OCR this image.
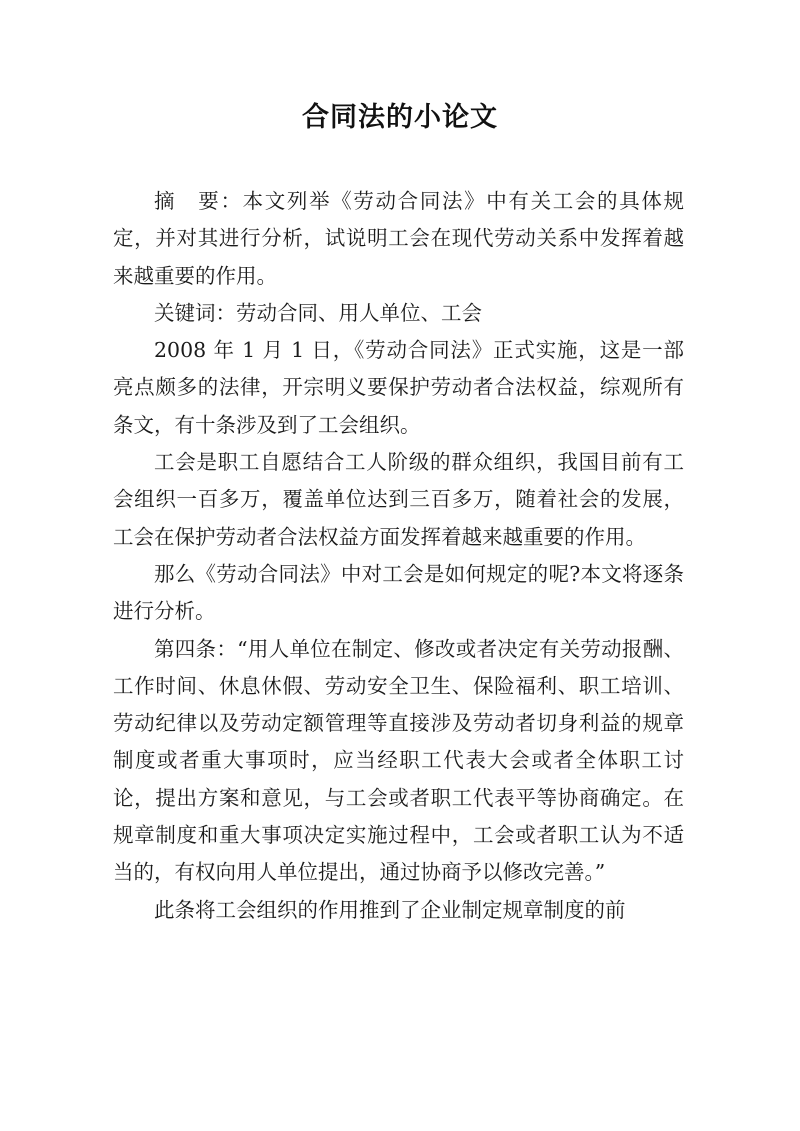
合同法的小论文

摘　要：本文列举《劳动合同法》中有关工会的具体规定，并对其进行分析，试说明工会在现代劳动关系中发挥着越来越重要的作用。

关键词：劳动合同、用人单位、工会

2008 年 1 月 1 日，《劳动合同法》正式实施，这是一部亮点颇多的法律，开宗明义要保护劳动者合法权益，综观所有条文，有十条涉及到了工会组织。

工会是职工自愿结合工人阶级的群众组织，我国目前有工会组织一百多万，覆盖单位达到三百多万，随着社会的发展，工会在保护劳动者合法权益方面发挥着越来越重要的作用。

那么《劳动合同法》中对工会是如何规定的呢?本文将逐条进行分析。

第四条：“用人单位在制定、修改或者决定有关劳动报酬、工作时间、休息休假、劳动安全卫生、保险福利、职工培训、劳动纪律以及劳动定额管理等直接涉及劳动者切身利益的规章制度或者重大事项时，应当经职工代表大会或者全体职工讨论，提出方案和意见，与工会或者职工代表平等协商确定。在规章制度和重大事项决定实施过程中，工会或者职工认为不适当的，有权向用人单位提出，通过协商予以修改完善。”

此条将工会组织的作用推到了企业制定规章制度的前
